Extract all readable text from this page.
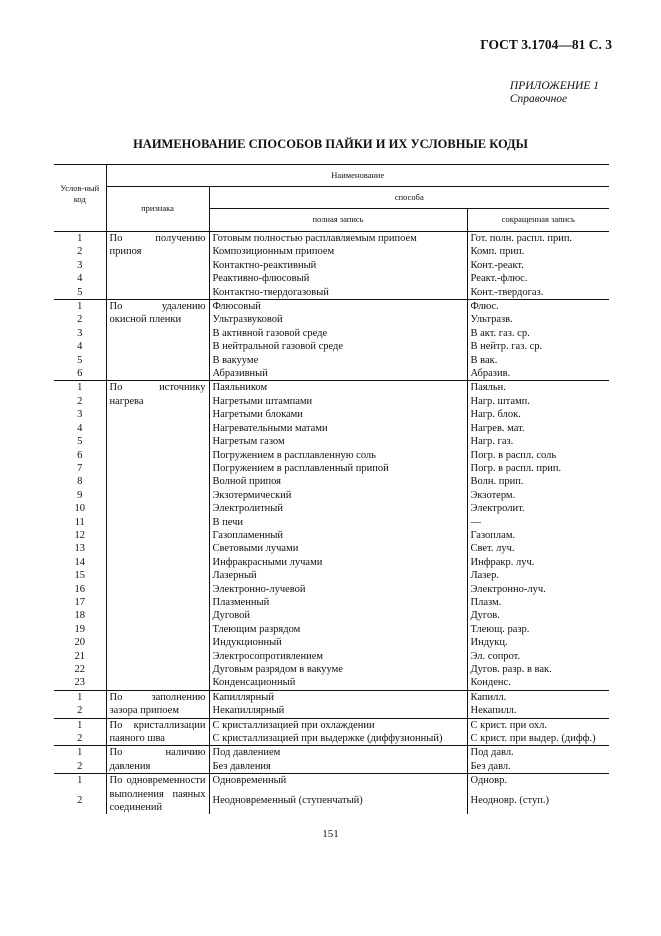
ГОСТ 3.1704—81 С. 3
ПРИЛОЖЕНИЕ 1
Справочное
НАИМЕНОВАНИЕ СПОСОБОВ ПАЙКИ И ИХ УСЛОВНЫЕ КОДЫ
Услов-ный код	Наименование		
	признака	способа	
		полная запись	сокращенная запись
1	По получению припоя	Готовым полностью расплавляемым припоем	Гот. полн. распл. прип.
2		Композиционным припоем	Комп. прип.
3		Контактно-реактивный	Конт.-реакт.
4		Реактивно-флюсовый	Реакт.-флюс.
5		Контактно-твердогазовый	Конт.-твердогаз.
1	По удалению окисной пленки	Флюсовый	Флюс.
2		Ультразвуковой	Ультразв.
3		В активной газовой среде	В акт. газ. ср.
4		В нейтральной газовой среде	В нейтр. газ. ср.
5		В вакууме	В вак.
6		Абразивный	Абразив.
1	По источнику нагрева	Паяльником	Паяльн.
2		Нагретыми штампами	Нагр. штамп.
3		Нагретыми блоками	Нагр. блок.
4		Нагревательными матами	Нагрев. мат.
5		Нагретым газом	Нагр. газ.
6		Погружением в расплавленную соль	Погр. в распл. соль
7		Погружением в расплавленный припой	Погр. в распл. прип.
8		Волной припоя	Волн. прип.
9		Экзотермический	Экзотерм.
10		Электролитный	Электролит.
11		В печи	—
12		Газопламенный	Газоплам.
13		Световыми лучами	Свет. луч.
14		Инфракрасными лучами	Инфракр. луч.
15		Лазерный	Лазер.
16		Электронно-лучевой	Электронно-луч.
17		Плазменный	Плазм.
18		Дуговой	Дугов.
19		Тлеющим разрядом	Тлеющ. разр.
20		Индукционный	Индукц.
21		Электросопротивлением	Эл. сопрот.
22		Дуговым разрядом в вакууме	Дугов. разр. в вак.
23		Конденсационный	Конденс.
1	По заполнению зазора припоем	Капиллярный	Капилл.
2		Некапиллярный	Некапилл.
1	По кристаллизации паяного шва	С кристаллизацией при охлаждении	С крист. при охл.
2		С кристаллизацией при выдержке (диффузионный)	С крист. при выдер. (дифф.)
1	По наличию давления	Под давлением	Под давл.
2		Без давления	Без давл.
1	По одновременности выполнения паяных соединений	Одновременный	Одновр.
2		Неодновременный (ступенчатый)	Неодновр. (ступ.)
151
